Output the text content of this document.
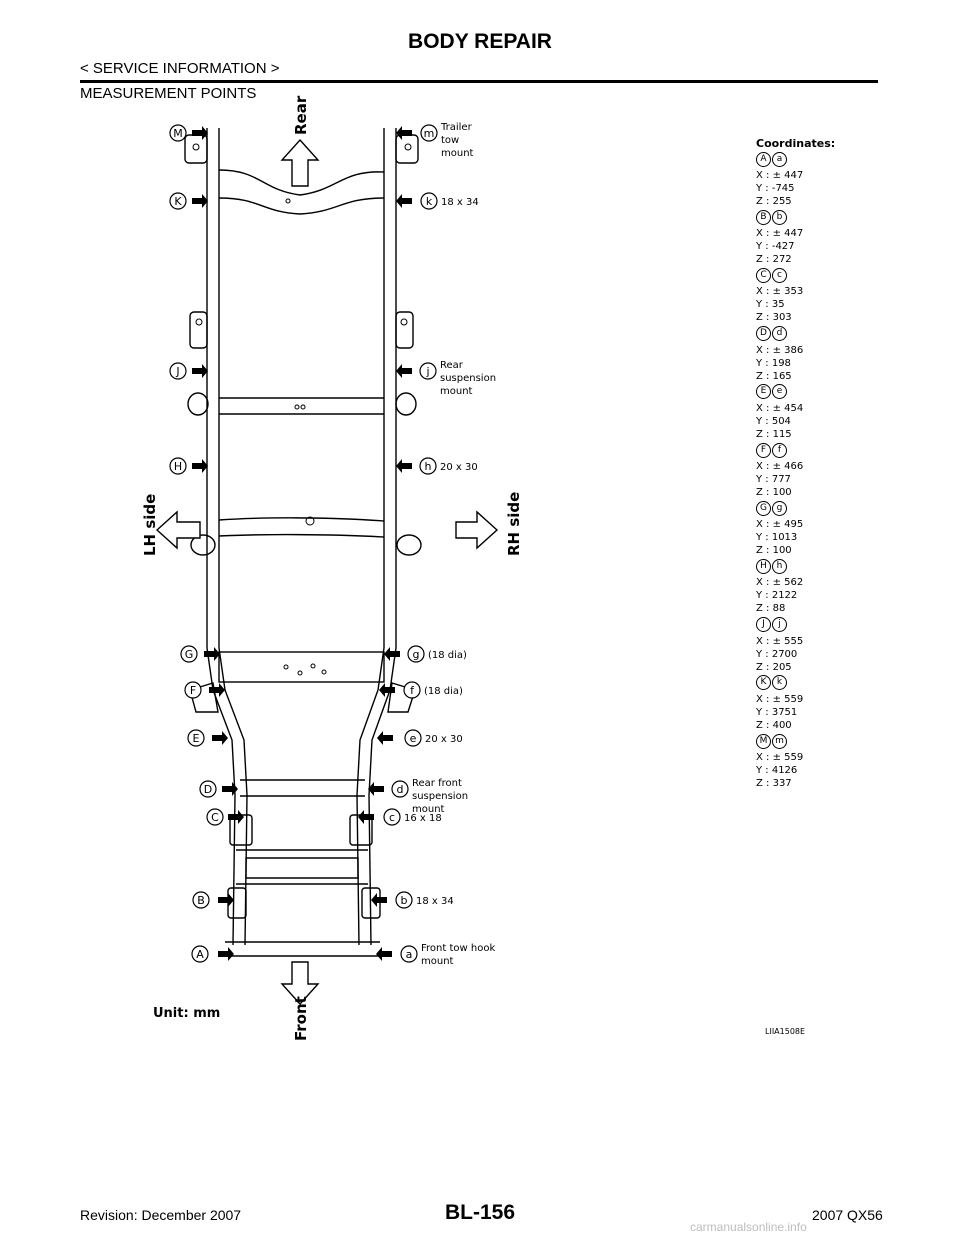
BODY REPAIR
< SERVICE INFORMATION >
MEASUREMENT POINTS
Rear
Front
LH side	RH side
Unit: mm
M
K
J
H
G
F
E
D
C
B
A
m Trailer
tow
mount
k 18 x 34
j Rear
suspension
mount
h 20 x 30
g (18 dia)
f (18 dia)
e 20 x 30
d Rear front
suspension
mount
c 16 x 18
b 18 x 34
a Front tow hook
mount
Coordinates:
A	a
X : ± 447
Y : -745
Z : 255
B	b
X : ± 447
Y : -427
Z : 272
C	c
X : ± 353
Y : 35
Z : 303
D	d
X : ± 386
Y : 198
Z : 165
E	e
X : ± 454
Y : 504
Z : 115
F	f
X : ± 466
Y : 777
Z : 100
G	g
X : ± 495
Y : 1013
Z : 100
H	h
X : ± 562
Y : 2122
Z : 88
J	j
X : ± 555
Y : 2700
Z : 205
K	k
X : ± 559
Y : 3751
Z : 400
M m
X : ± 559
Y : 4126
Z : 337
LIIA1508E
Revision: December 2007	BL-156	2007 QX56
carmanualsonline.info
